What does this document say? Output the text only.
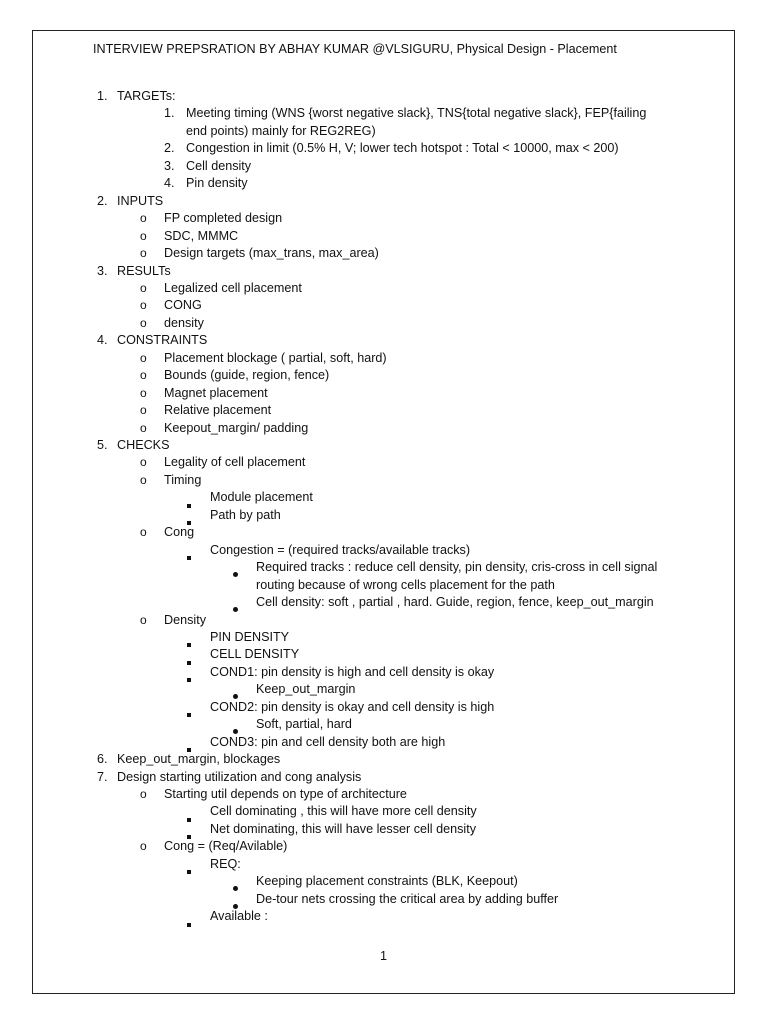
INTERVIEW PREPSRATION BY ABHAY KUMAR @VLSIGURU, Physical Design - Placement
1. TARGETs:
1. Meeting timing (WNS {worst negative slack}, TNS{total negative slack}, FEP{failing
end points) mainly for REG2REG)
2. Congestion in limit (0.5% H, V; lower tech hotspot : Total < 10000, max < 200)
3. Cell density
4. Pin density
2. INPUTS
o FP completed design
o SDC, MMMC
o Design targets (max_trans, max_area)
3. RESULTs
o Legalized cell placement
o CONG
o density
4. CONSTRAINTS
o Placement blockage ( partial, soft, hard)
o Bounds (guide, region, fence)
o Magnet placement
o Relative placement
o Keepout_margin/ padding
5. CHECKS
o Legality of cell placement
o Timing
Module placement
Path by path
o Cong
Congestion = (required tracks/available tracks)
Required tracks : reduce cell density, pin density, cris-cross in cell signal
routing because of wrong cells placement for the path
Cell density: soft , partial , hard. Guide, region, fence, keep_out_margin
o Density
PIN DENSITY
CELL DENSITY
COND1: pin density is high and cell density is okay
Keep_out_margin
COND2: pin density is okay and cell density is high
Soft, partial, hard
COND3: pin and cell density both are high
6. Keep_out_margin, blockages
7. Design starting utilization and cong analysis
o Starting util depends on type of architecture
Cell dominating , this will have more cell density
Net dominating, this will have lesser cell density
o Cong = (Req/Avilable)
REQ:
Keeping placement constraints (BLK, Keepout)
De-tour nets crossing the critical area by adding buffer
Available :
1
